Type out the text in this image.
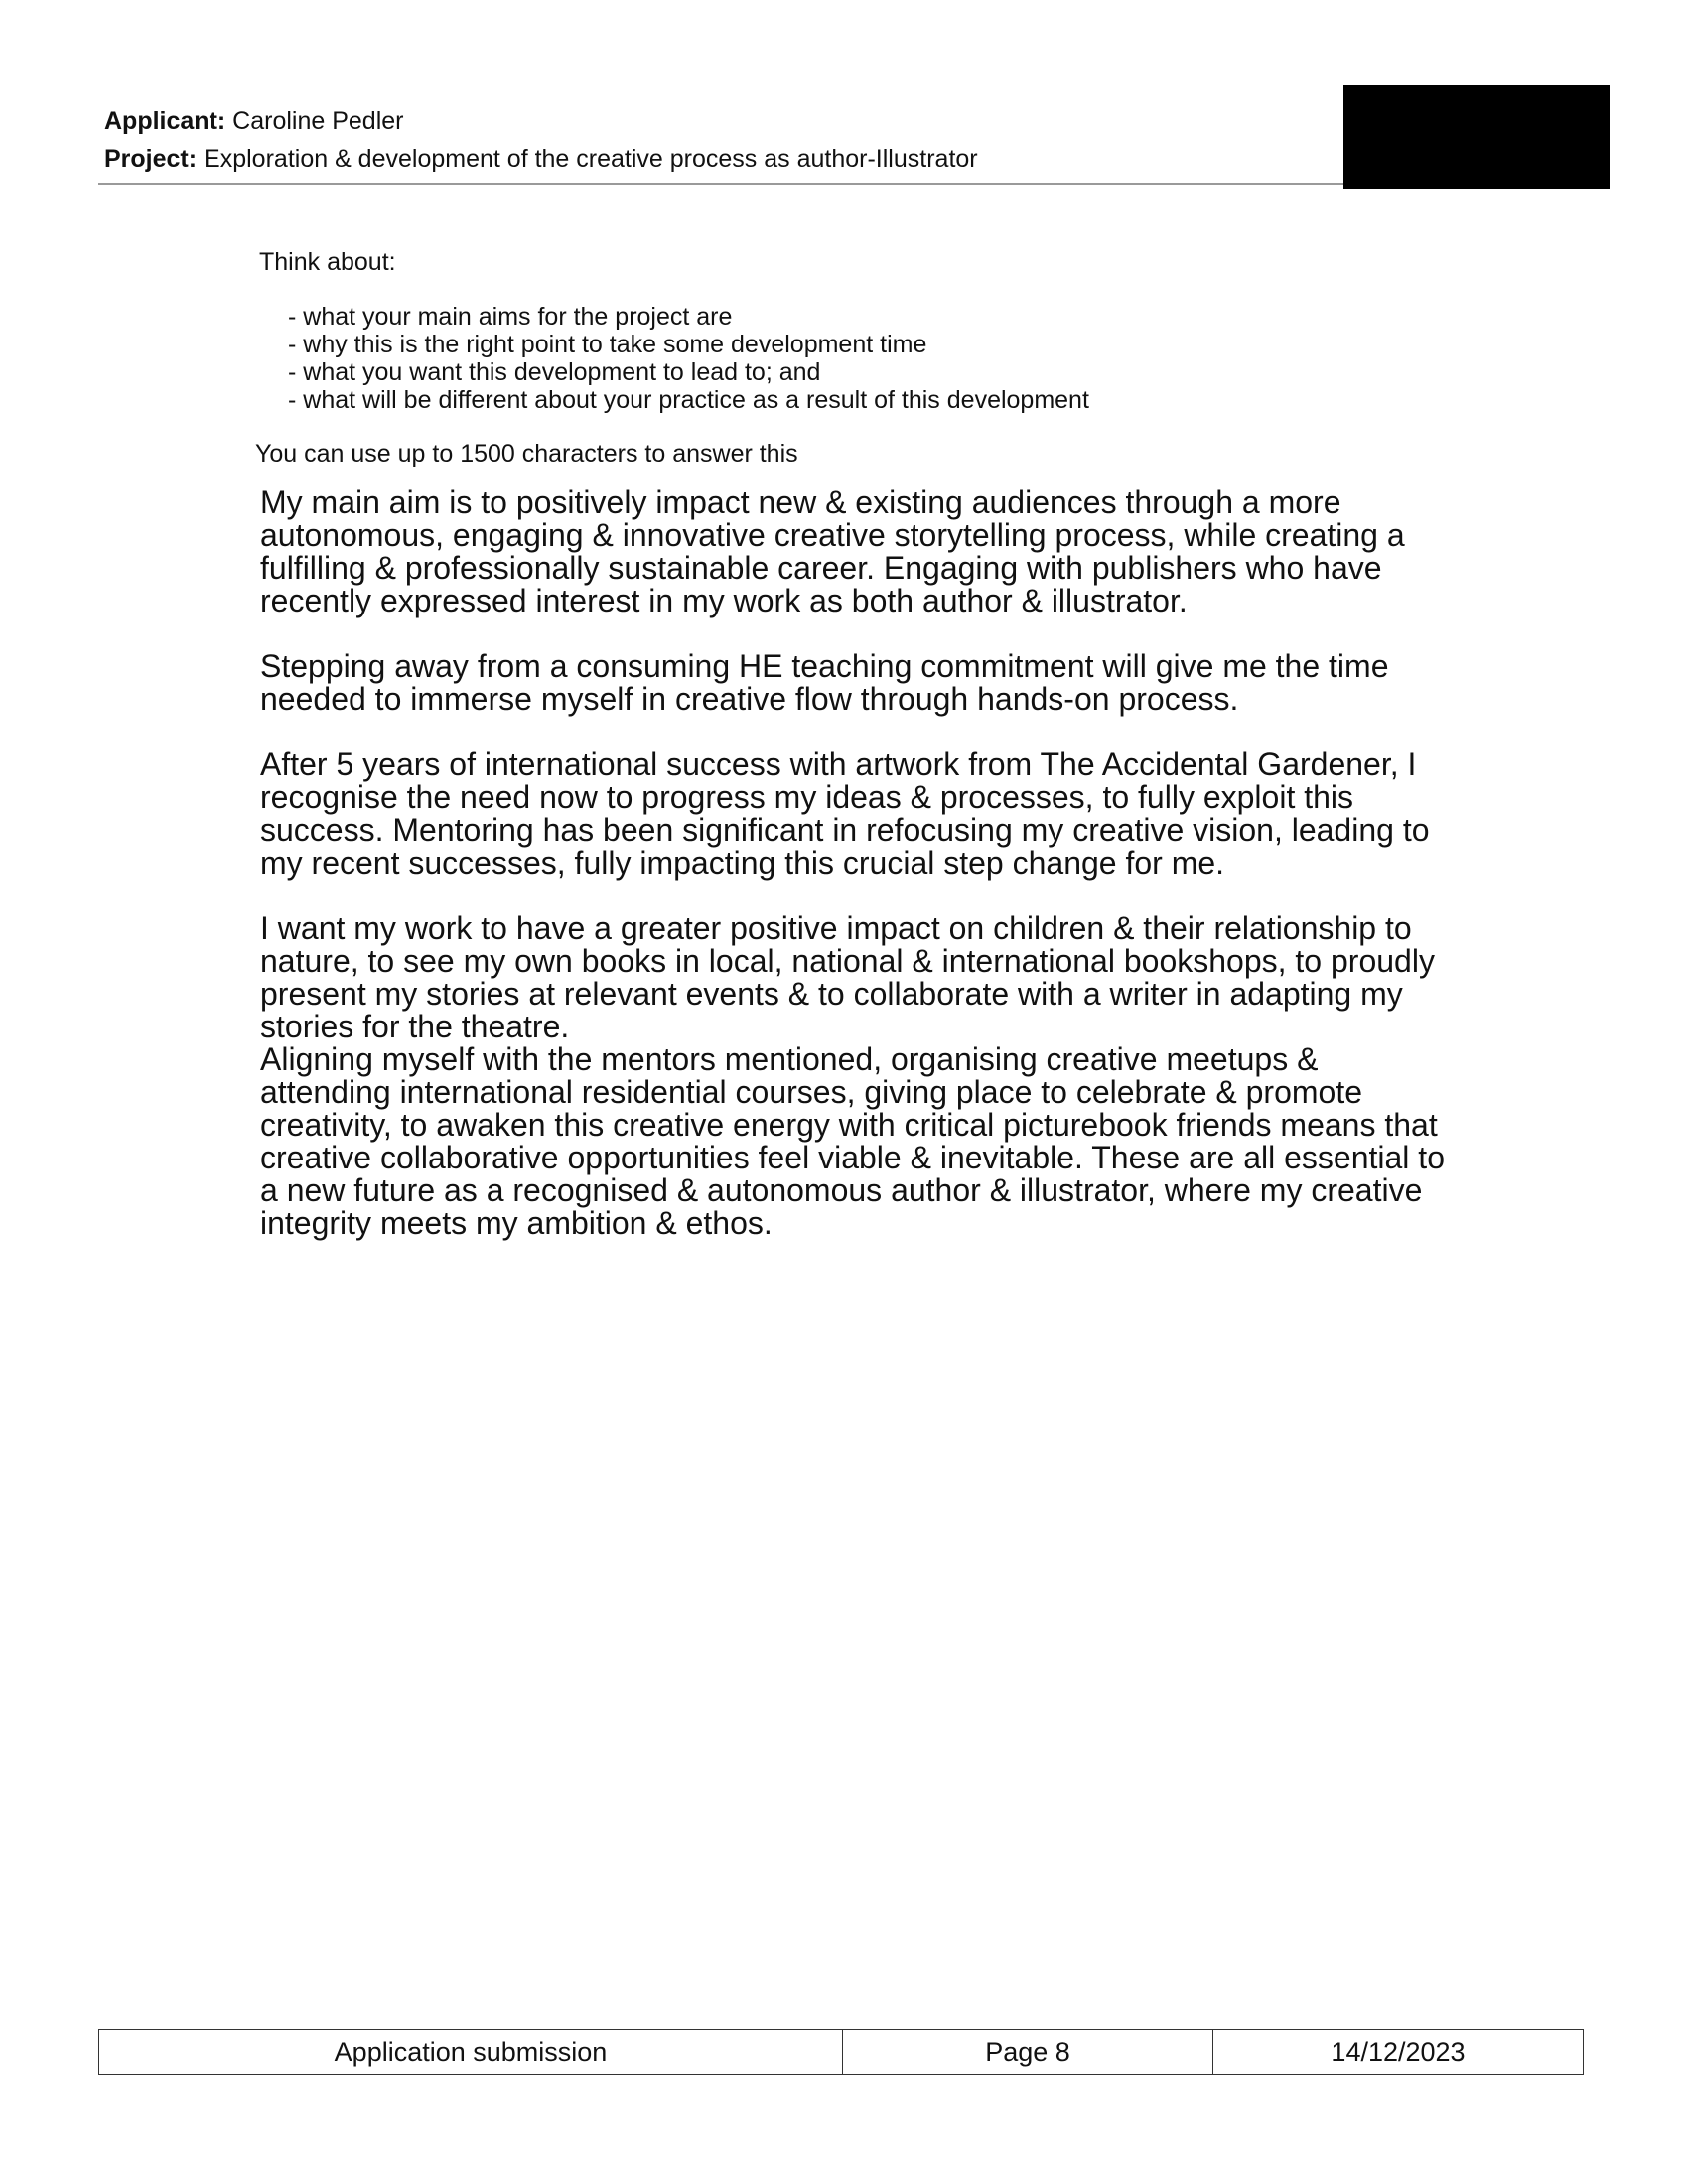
Applicant: Caroline Pedler
Project: Exploration & development of the creative process as author-Illustrator
Think about:
- what your main aims for the project are
- why this is the right point to take some development time
- what you want this development to lead to; and
- what will be different about your practice as a result of this development
You can use up to 1500 characters to answer this

My main aim is to positively impact new & existing audiences through a more autonomous, engaging & innovative creative storytelling process, while creating a fulfilling & professionally sustainable career. Engaging with publishers who have recently expressed interest in my work as both author & illustrator.

Stepping away from a consuming HE teaching commitment will give me the time needed to immerse myself in creative flow through hands-on process.

After 5 years of international success with artwork from The Accidental Gardener, I recognise the need now to progress my ideas & processes, to fully exploit this success. Mentoring has been significant in refocusing my creative vision, leading to my recent successes, fully impacting this crucial step change for me.

I want my work to have a greater positive impact on children & their relationship to nature, to see my own books in local, national & international bookshops, to proudly present my stories at relevant events & to collaborate with a writer in adapting my stories for the theatre.

Aligning myself with the mentors mentioned, organising creative meetups & attending international residential courses, giving place to celebrate & promote creativity, to awaken this creative energy with critical picturebook friends means that creative collaborative opportunities feel viable & inevitable. These are all essential to a new future as a recognised & autonomous author & illustrator, where my creative integrity meets my ambition & ethos.

Application submission	Page 8	14/12/2023
